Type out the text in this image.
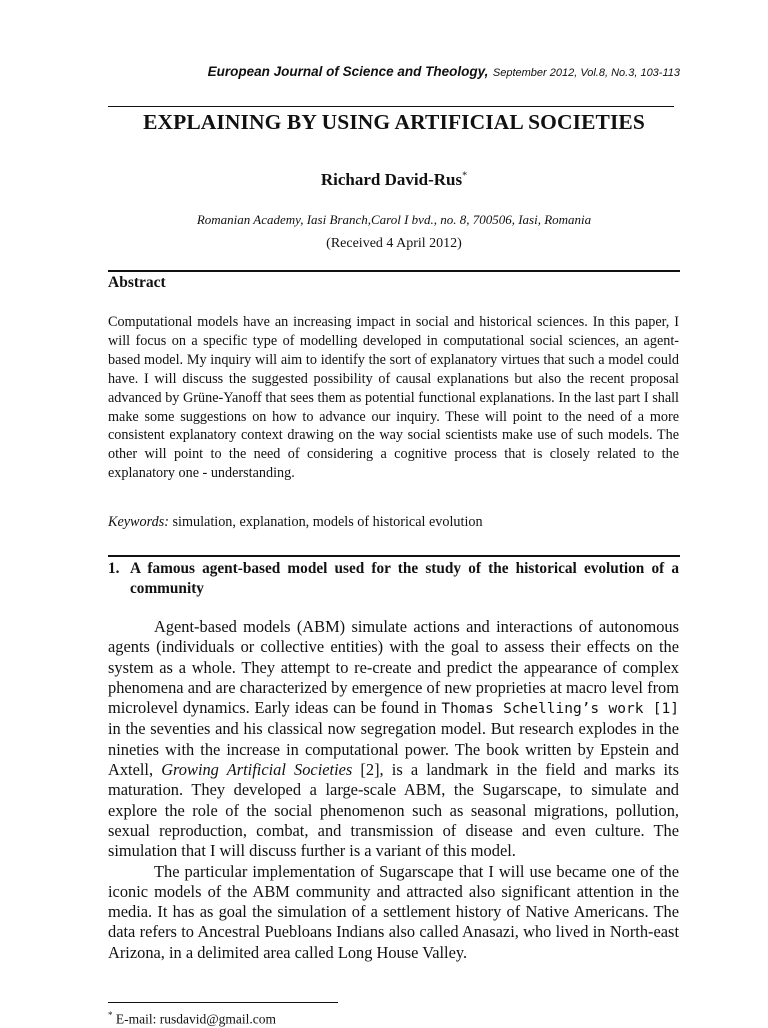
European Journal of Science and Theology, September 2012, Vol.8, No.3, 103-113
EXPLAINING BY USING ARTIFICIAL SOCIETIES
Richard David-Rus*
Romanian Academy, Iasi Branch,Carol I bvd., no. 8, 700506, Iasi, Romania
(Received 4 April 2012)
Abstract
Computational models have an increasing impact in social and historical sciences. In this paper, I will focus on a specific type of modelling developed in computational social sciences, an agent-based model. My inquiry will aim to identify the sort of explanatory virtues that such a model could have. I will discuss the suggested possibility of causal explanations but also the recent proposal advanced by Grüne-Yanoff that sees them as potential functional explanations. In the last part I shall make some suggestions on how to advance our inquiry. These will point to the need of a more consistent explanatory context drawing on the way social scientists make use of such models. The other will point to the need of considering a cognitive process that is closely related to the explanatory one - understanding.
Keywords: simulation, explanation, models of historical evolution
1. A famous agent-based model used for the study of the historical evolution of a community

Agent-based models (ABM) simulate actions and interactions of autonomous agents (individuals or collective entities) with the goal to assess their effects on the system as a whole. They attempt to re-create and predict the appearance of complex phenomena and are characterized by emergence of new proprieties at macro level from microlevel dynamics. Early ideas can be found in Thomas Schelling’s work [1] in the seventies and his classical now segregation model. But research explodes in the nineties with the increase in computational power. The book written by Epstein and Axtell, Growing Artificial Societies [2], is a landmark in the field and marks its maturation. They developed a large-scale ABM, the Sugarscape, to simulate and explore the role of the social phenomenon such as seasonal migrations, pollution, sexual reproduction, combat, and transmission of disease and even culture. The simulation that I will discuss further is a variant of this model.

The particular implementation of Sugarscape that I will use became one of the iconic models of the ABM community and attracted also significant attention in the media. It has as goal the simulation of a settlement history of Native Americans. The data refers to Ancestral Puebloans Indians also called Anasazi, who lived in North-east Arizona, in a delimited area called Long House Valley.

* E-mail: rusdavid@gmail.com
